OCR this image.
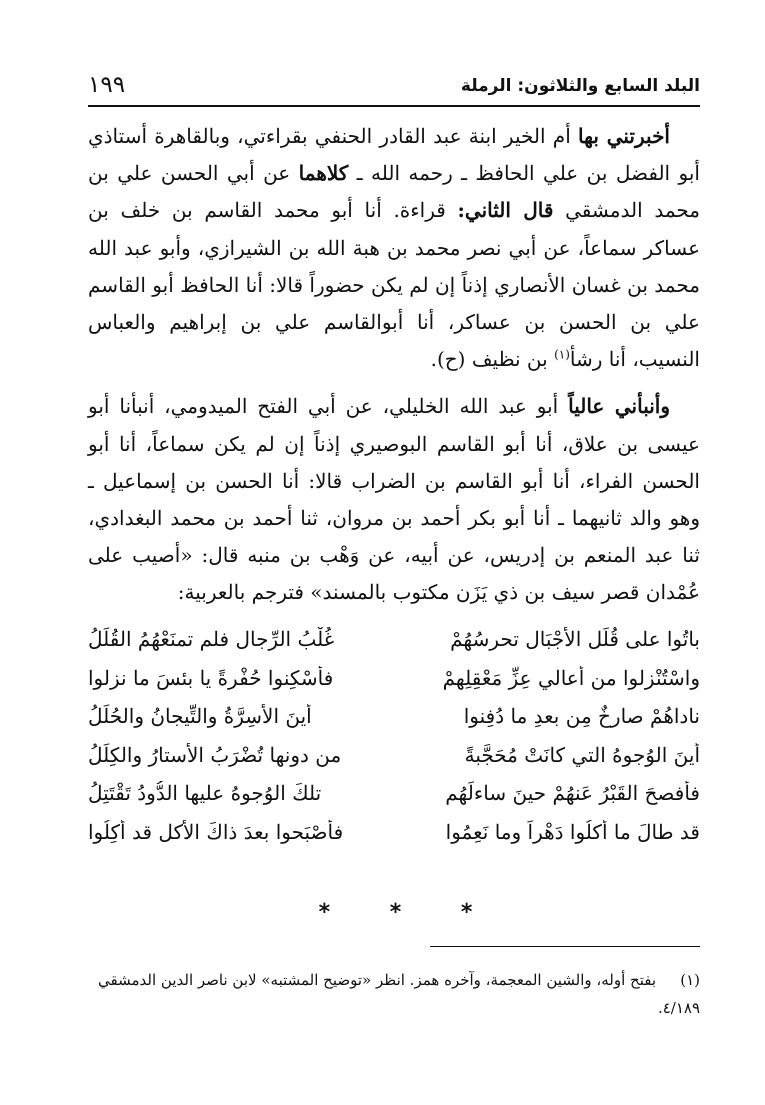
البلد السابع والثلاثون: الرملة
١٩٩

أخبرتني بها أم الخير ابنة عبد القادر الحنفي بقراءتي، وبالقاهرة أستاذي أبو الفضل بن علي الحافظ ـ رحمه الله ـ كلاهما عن أبي الحسن علي بن محمد الدمشقي قال الثاني: قراءة. أنا أبو محمد القاسم بن خلف بن عساكر سماعاً، عن أبي نصر محمد بن هبة الله بن الشيرازي، وأبو عبد الله محمد بن غسان الأنصاري إذناً إن لم يكن حضوراً قالا: أنا الحافظ أبو القاسم علي بن الحسن بن عساكر، أنا أبوالقاسم علي بن إبراهيم والعباس النسيب، أنا رشأ$^{(١)}$ بن نظيف (ح).

وأنبأني عالياً أبو عبد الله الخليلي، عن أبي الفتح الميدومي، أنبأنا أبو عيسى بن علاق، أنا أبو القاسم البوصيري إذناً إن لم يكن سماعاً، أنا أبو الحسن الفراء، أنا أبو القاسم بن الضراب قالا: أنا الحسن بن إسماعيل ـ وهو والد ثانيهما ـ أنا أبو بكر أحمد بن مروان، ثنا أحمد بن محمد البغدادي، ثنا عبد المنعم بن إدريس، عن أبيه، عن وَهْب بن منبه قال: «أصيب على عُمْدان قصر سيف بن ذي يَزَن مكتوب بالمسند» فترجم بالعربية:

باتُوا على قُلَلِ الأجْبَالِ تحرسُهُمْ
غُلْبُ الرِّجالِ فلم تمنَعْهُمُ القُلَلُ
واسْتُنْزِلوا من أعالي عِزِّ مَعْقِلِهِمْ
فأُسْكِنوا حُفْرةً يا بئسَ ما نزلوا
ناداهُمْ صارخٌ مِن بعدِ ما دُفِنوا
أينَ الأسِرَّةُ والتِّيجانُ والحُلَلُ
أينَ الوُجوهُ التي كانَتْ مُحَجَّبةً
من دونها تُضْرَبُ الأستارُ والكِلَلُ
فأفصحَ القَبْرُ عَنهُمْ حينَ ساءلَهُم
تلكَ الوُجوهُ عليها الدُّودُ تَقْتَتِلُ
قد طالَ ما أكلُوا دَهْراً وما نَعِمُوا
فأصْبَحوا بعدَ ذاكَ الأكلِ قد أُكِلُوا
* * *
(١)بفتح أوله، والشين المعجمة، وآخره همز. انظر «توضيح المشتبه» لابن ناصر الدين الدمشقي ٤/١٨٩.
